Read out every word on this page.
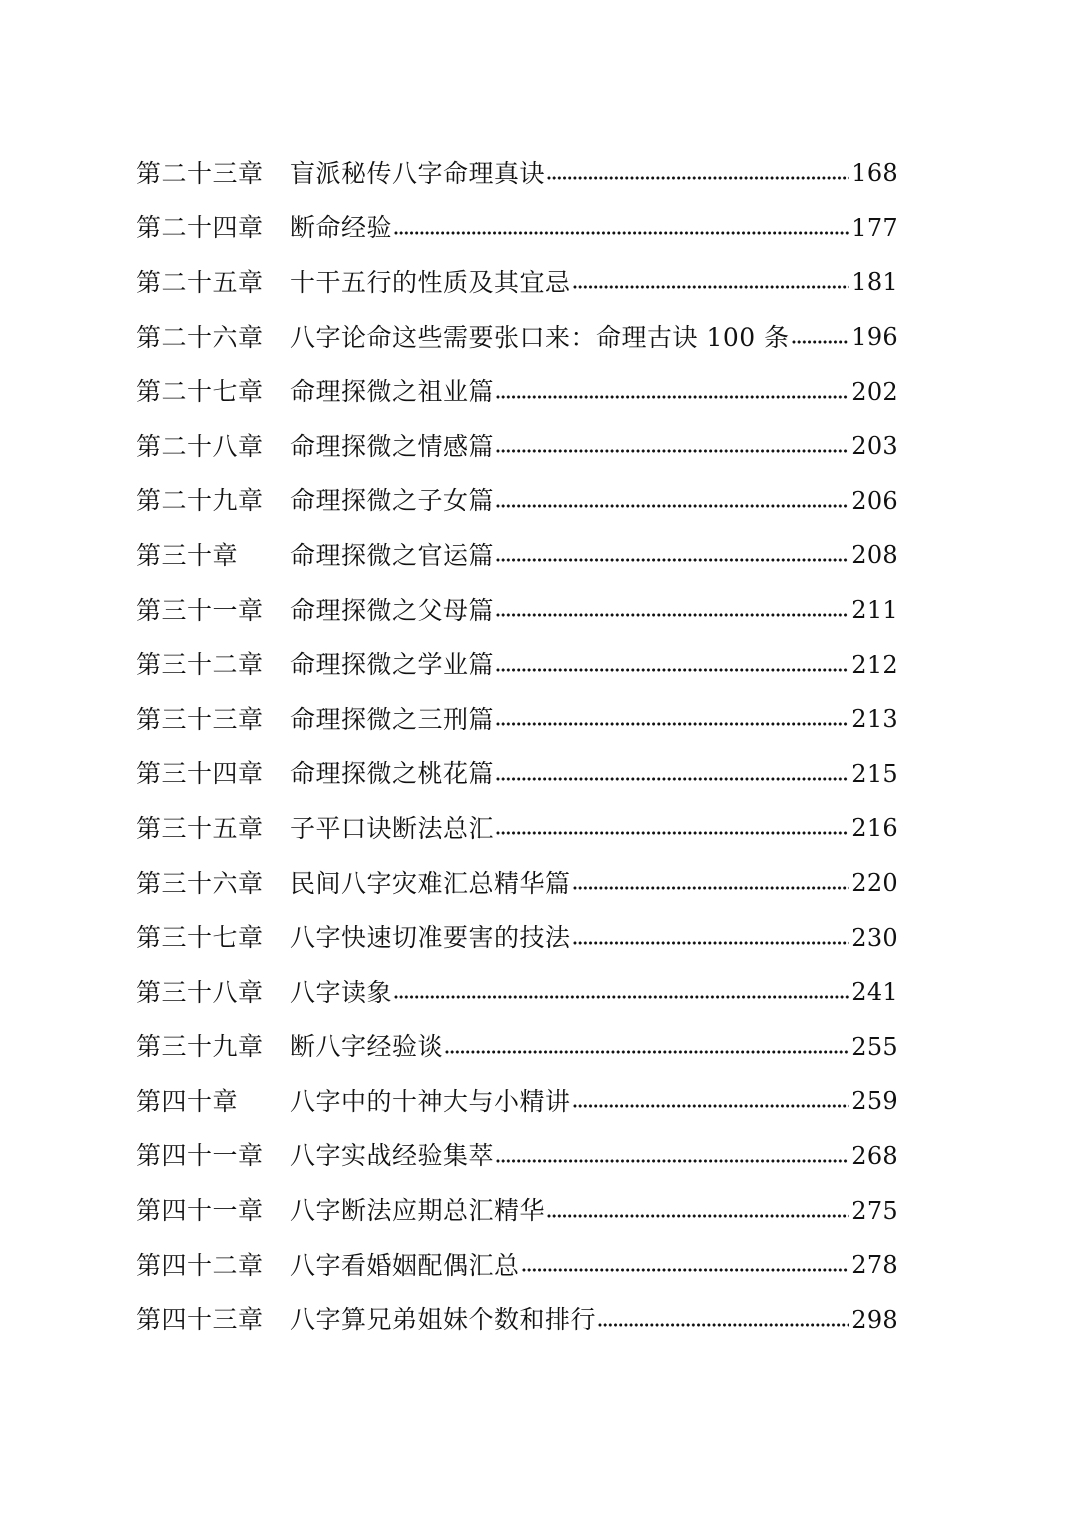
第二十三章	盲派秘传八字命理真诀	168
第二十四章	断命经验	177
第二十五章	十干五行的性质及其宜忌	181
第二十六章	八字论命这些需要张口来：命理古诀 100 条	196
第二十七章	命理探微之祖业篇	202
第二十八章	命理探微之情感篇	203
第二十九章	命理探微之子女篇	206
第三十章	命理探微之官运篇	208
第三十一章	命理探微之父母篇	211
第三十二章	命理探微之学业篇	212
第三十三章	命理探微之三刑篇	213
第三十四章	命理探微之桃花篇	215
第三十五章	子平口诀断法总汇	216
第三十六章	民间八字灾难汇总精华篇	220
第三十七章	八字快速切准要害的技法	230
第三十八章	八字读象	241
第三十九章	断八字经验谈	255
第四十章	八字中的十神大与小精讲	259
第四十一章	八字实战经验集萃	268
第四十一章	八字断法应期总汇精华	275
第四十二章	八字看婚姻配偶汇总	278
第四十三章	八字算兄弟姐妹个数和排行	298
